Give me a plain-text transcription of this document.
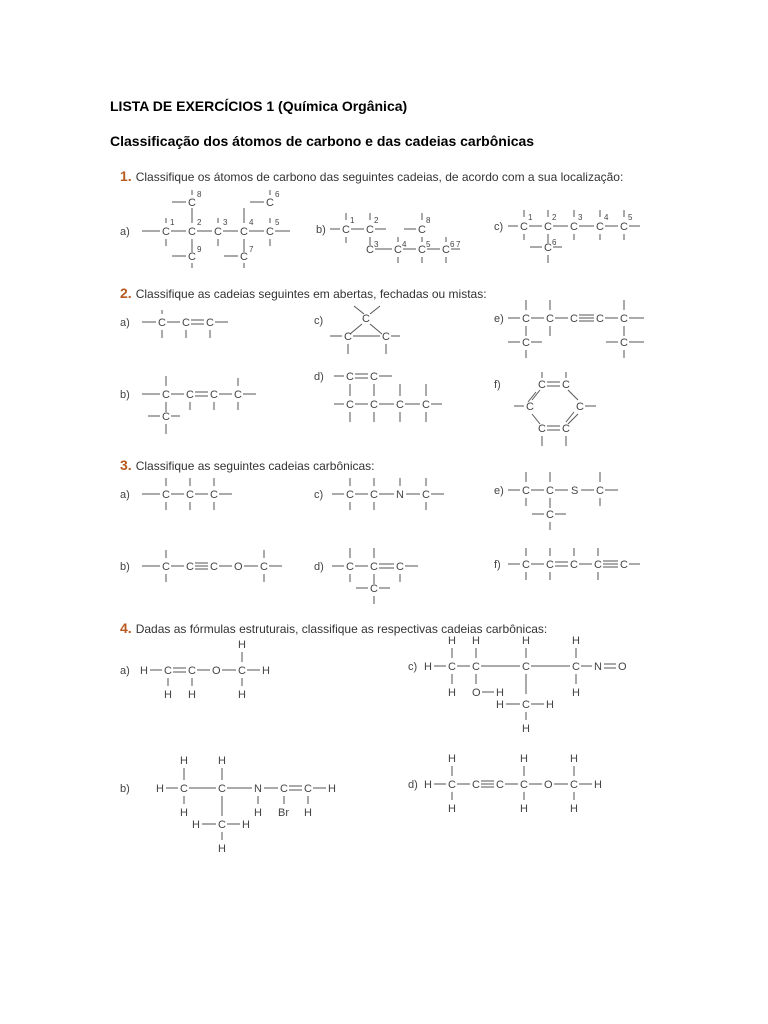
LISTA DE EXERCÍCIOS 1 (Química Orgânica)
Classificação dos átomos de carbono e das cadeias carbônicas
1. Classifique os átomos de carbono das seguintes cadeias, de acordo com a sua localização:
2. Classifique as cadeias seguintes em abertas, fechadas ou mistas:
3. Classifique as seguintes cadeias carbônicas:
4. Dadas as fórmulas estruturais, classifique as respectivas cadeias carbônicas:
a)	C
1
C
2
C
3
C
4
C
5
C
8
C
9
C
6
C
7
b) C
1
C
2
C 3 C 4 C 5 C 6 7
C
8
c) C
1
C
2
C
3
C
4
C
5
C 6
a)	C C C
b)	C C C C
C
c)	C
C	C
d) C C
C C C C
e) C C C C C
C	C
f)	C C
C	C
C C
a)	C C C
b)	C C C O C
c) C C N C
d) C C C
C
e) C C S C
C
f) C C C C C
a) H C C O C H
H H
H
H
b) H C	C	N C C H
H	H
H	H Br H
H C H
H
c) H C C	C	C N O
H H	H	H
H O H	H
H C H
H
d) H C C C C O C H
H	H	H
H	H	H
